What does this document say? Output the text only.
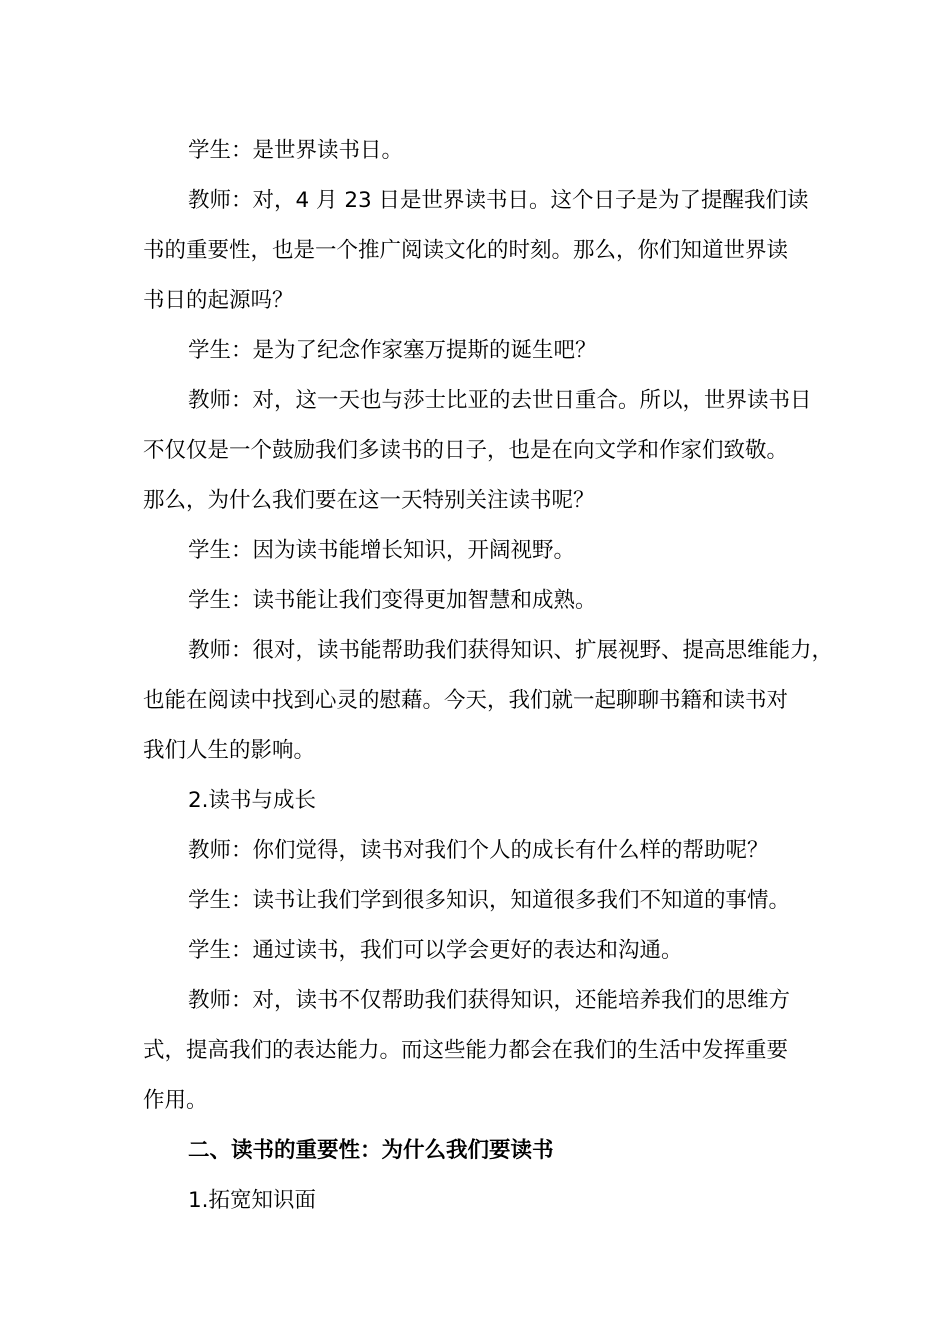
学生：是世界读书日。
教师：对，4 月 23 日是世界读书日。这个日子是为了提醒我们读
书的重要性，也是一个推广阅读文化的时刻。那么，你们知道世界读
书日的起源吗？
学生：是为了纪念作家塞万提斯的诞生吧？
教师：对，这一天也与莎士比亚的去世日重合。所以，世界读书日
不仅仅是一个鼓励我们多读书的日子，也是在向文学和作家们致敬。
那么，为什么我们要在这一天特别关注读书呢？
学生：因为读书能增长知识，开阔视野。
学生：读书能让我们变得更加智慧和成熟。
教师：很对，读书能帮助我们获得知识、扩展视野、提高思维能力，
也能在阅读中找到心灵的慰藉。今天，我们就一起聊聊书籍和读书对
我们人生的影响。
2.读书与成长
教师：你们觉得，读书对我们个人的成长有什么样的帮助呢？
学生：读书让我们学到很多知识，知道很多我们不知道的事情。
学生：通过读书，我们可以学会更好的表达和沟通。
教师：对，读书不仅帮助我们获得知识，还能培养我们的思维方
式，提高我们的表达能力。而这些能力都会在我们的生活中发挥重要
作用。
二、读书的重要性：为什么我们要读书
1.拓宽知识面
